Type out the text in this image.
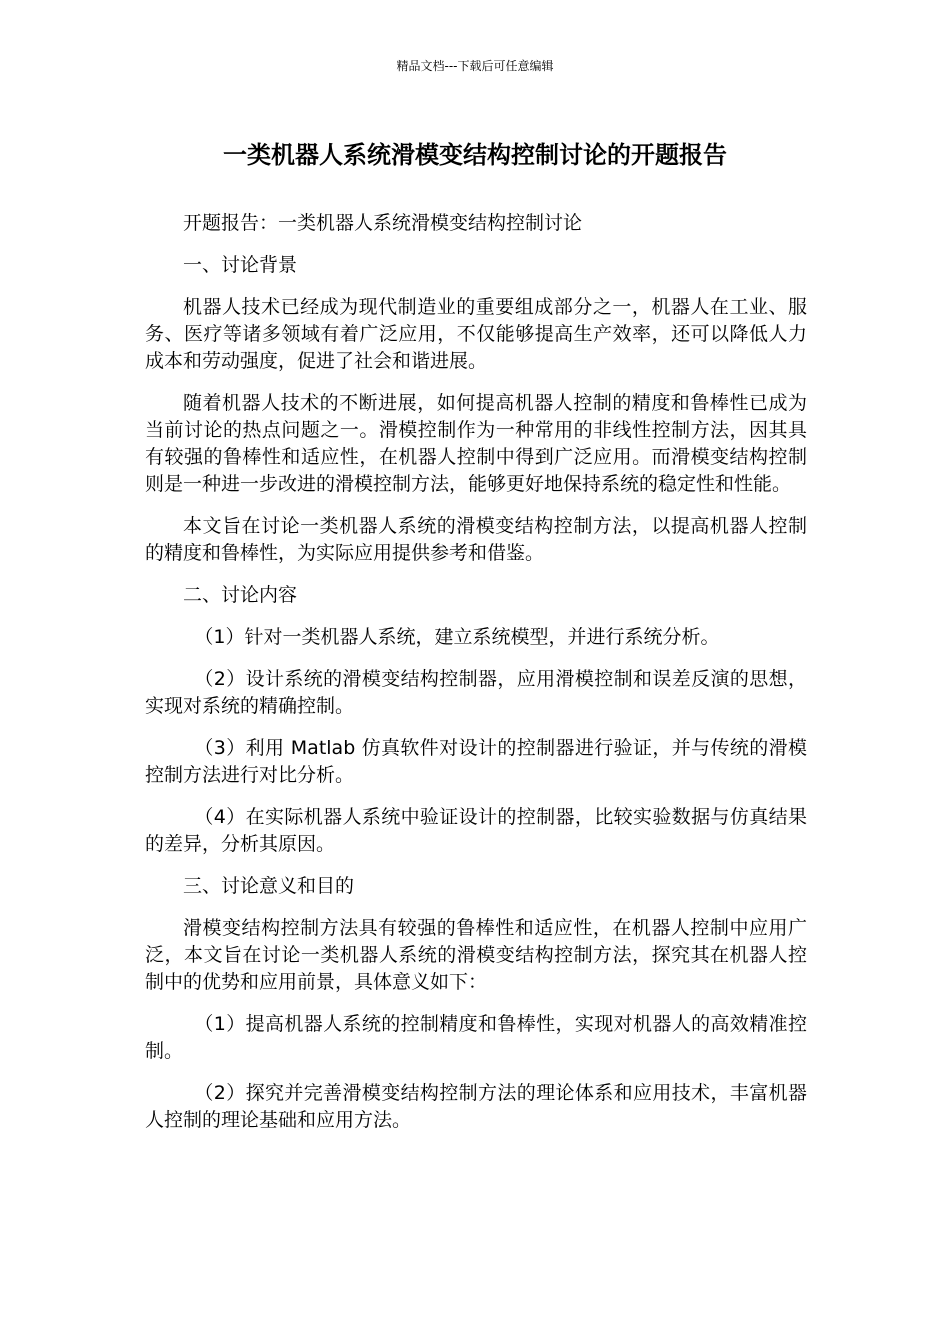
精品文档---下载后可任意编辑
一类机器人系统滑模变结构控制讨论的开题报告

开题报告：一类机器人系统滑模变结构控制讨论

一、讨论背景

机器人技术已经成为现代制造业的重要组成部分之一，机器人在工业、服务、医疗等诸多领域有着广泛应用，不仅能够提高生产效率，还可以降低人力成本和劳动强度，促进了社会和谐进展。

随着机器人技术的不断进展，如何提高机器人控制的精度和鲁棒性已成为当前讨论的热点问题之一。滑模控制作为一种常用的非线性控制方法，因其具有较强的鲁棒性和适应性，在机器人控制中得到广泛应用。而滑模变结构控制则是一种进一步改进的滑模控制方法，能够更好地保持系统的稳定性和性能。

本文旨在讨论一类机器人系统的滑模变结构控制方法，以提高机器人控制的精度和鲁棒性，为实际应用提供参考和借鉴。

二、讨论内容

（1）针对一类机器人系统，建立系统模型，并进行系统分析。

（2）设计系统的滑模变结构控制器，应用滑模控制和误差反演的思想，实现对系统的精确控制。

（3）利用 Matlab 仿真软件对设计的控制器进行验证，并与传统的滑模控制方法进行对比分析。

（4）在实际机器人系统中验证设计的控制器，比较实验数据与仿真结果的差异，分析其原因。

三、讨论意义和目的

滑模变结构控制方法具有较强的鲁棒性和适应性，在机器人控制中应用广泛，本文旨在讨论一类机器人系统的滑模变结构控制方法，探究其在机器人控制中的优势和应用前景，具体意义如下：

（1）提高机器人系统的控制精度和鲁棒性，实现对机器人的高效精准控制。

（2）探究并完善滑模变结构控制方法的理论体系和应用技术，丰富机器人控制的理论基础和应用方法。
